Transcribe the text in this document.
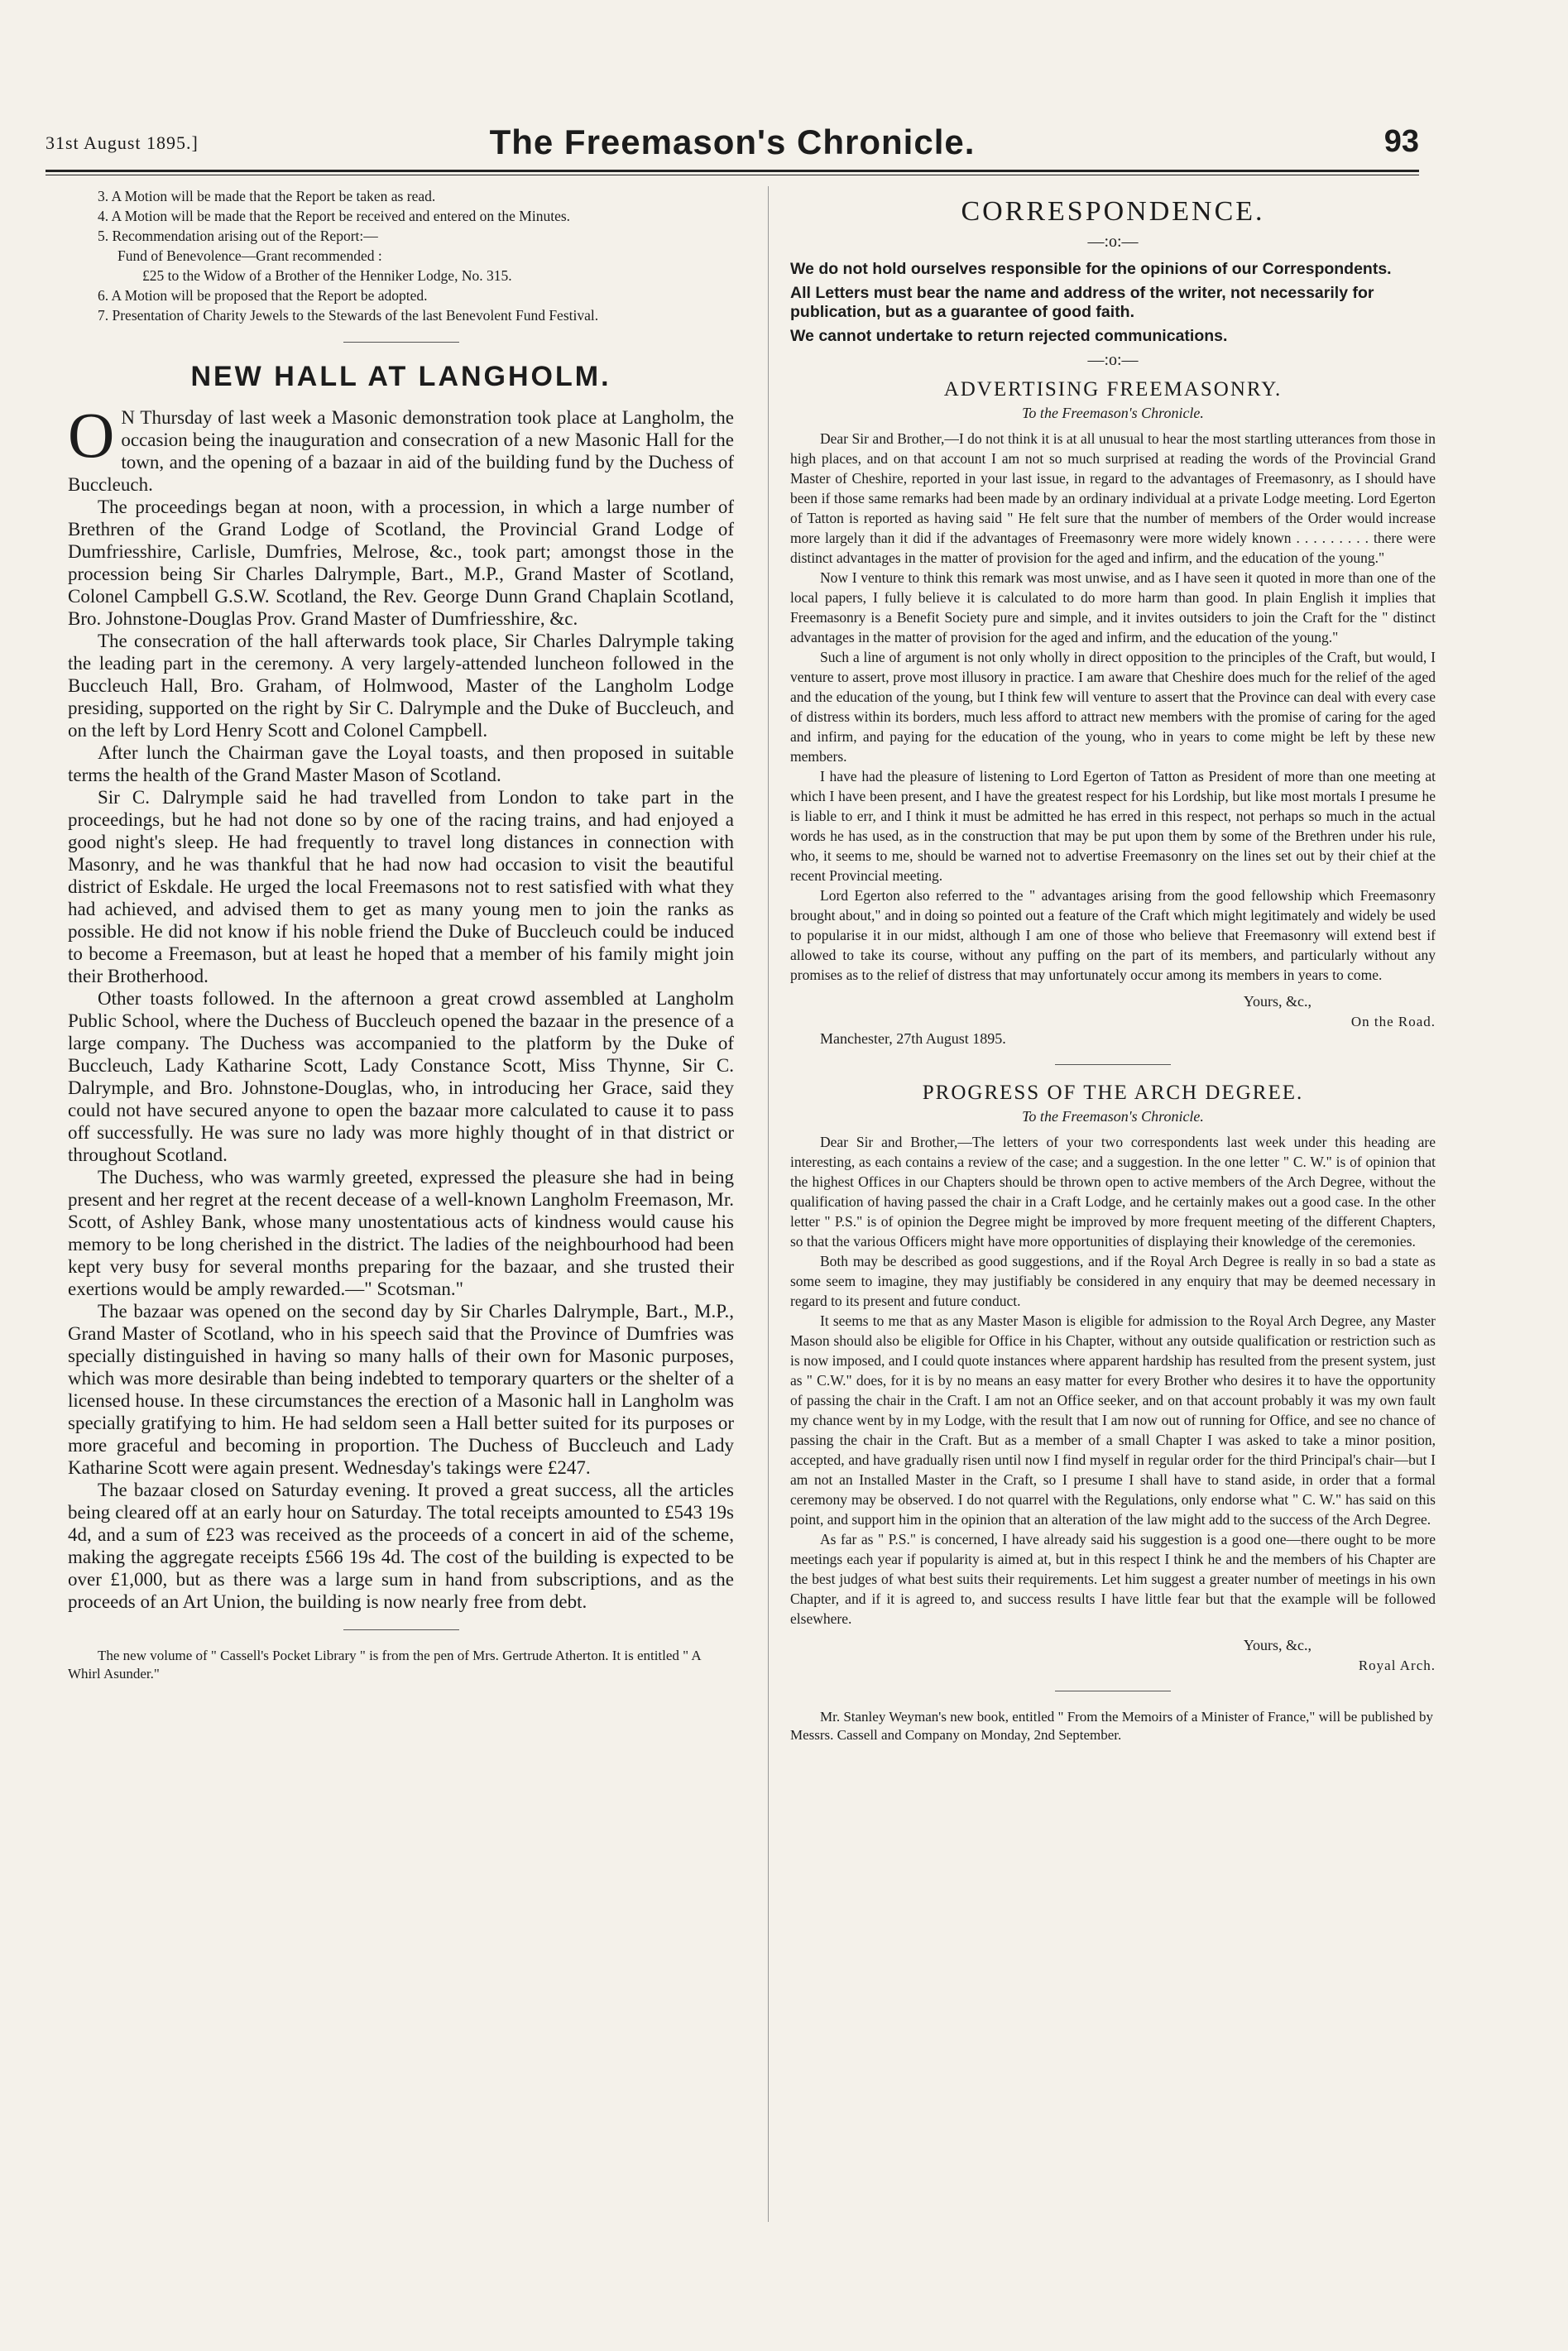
31st August 1895.]	The Freemason's Chronicle.	93

3. A Motion will be made that the Report be taken as read.

4. A Motion will be made that the Report be received and entered on the Minutes.

5. Recommendation arising out of the Report:—

Fund of Benevolence—Grant recommended :

£25 to the Widow of a Brother of the Henniker Lodge, No. 315.

6. A Motion will be proposed that the Report be adopted.

7. Presentation of Charity Jewels to the Stewards of the last Benevolent Fund Festival.

NEW HALL AT LANGHOLM.

O N Thursday of last week a Masonic demonstration took place at Langholm, the occasion being the inauguration and consecration of a new Masonic Hall for the town, and the opening of a bazaar in aid of the building fund by the Duchess of Buccleuch.

The proceedings began at noon, with a procession, in which a large number of Brethren of the Grand Lodge of Scotland, the Provincial Grand Lodge of Dumfriesshire, Carlisle, Dumfries, Melrose, &c., took part; amongst those in the procession being Sir Charles Dalrymple, Bart., M.P., Grand Master of Scotland, Colonel Campbell G.S.W. Scotland, the Rev. George Dunn Grand Chaplain Scotland, Bro. Johnstone-Douglas Prov. Grand Master of Dumfriesshire, &c.

The consecration of the hall afterwards took place, Sir Charles Dalrymple taking the leading part in the ceremony. A very largely-attended luncheon followed in the Buccleuch Hall, Bro. Graham, of Holmwood, Master of the Langholm Lodge presiding, supported on the right by Sir C. Dalrymple and the Duke of Buccleuch, and on the left by Lord Henry Scott and Colonel Campbell.

After lunch the Chairman gave the Loyal toasts, and then proposed in suitable terms the health of the Grand Master Mason of Scotland.

Sir C. Dalrymple said he had travelled from London to take part in the proceedings, but he had not done so by one of the racing trains, and had enjoyed a good night's sleep. He had frequently to travel long distances in connection with Masonry, and he was thankful that he had now had occasion to visit the beautiful district of Eskdale. He urged the local Freemasons not to rest satisfied with what they had achieved, and advised them to get as many young men to join the ranks as possible. He did not know if his noble friend the Duke of Buccleuch could be induced to become a Freemason, but at least he hoped that a member of his family might join their Brotherhood.

Other toasts followed. In the afternoon a great crowd assembled at Langholm Public School, where the Duchess of Buccleuch opened the bazaar in the presence of a large company. The Duchess was accompanied to the platform by the Duke of Buccleuch, Lady Katharine Scott, Lady Constance Scott, Miss Thynne, Sir C. Dalrymple, and Bro. Johnstone-Douglas, who, in introducing her Grace, said they could not have secured anyone to open the bazaar more calculated to cause it to pass off successfully. He was sure no lady was more highly thought of in that district or throughout Scotland.

The Duchess, who was warmly greeted, expressed the pleasure she had in being present and her regret at the recent decease of a well-known Langholm Freemason, Mr. Scott, of Ashley Bank, whose many unostentatious acts of kindness would cause his memory to be long cherished in the district. The ladies of the neighbourhood had been kept very busy for several months preparing for the bazaar, and she trusted their exertions would be amply rewarded.—" Scotsman."

The bazaar was opened on the second day by Sir Charles Dalrymple, Bart., M.P., Grand Master of Scotland, who in his speech said that the Province of Dumfries was specially distinguished in having so many halls of their own for Masonic purposes, which was more desirable than being indebted to temporary quarters or the shelter of a licensed house. In these circumstances the erection of a Masonic hall in Langholm was specially gratifying to him. He had seldom seen a Hall better suited for its purposes or more graceful and becoming in proportion. The Duchess of Buccleuch and Lady Katharine Scott were again present. Wednesday's takings were £247.

The bazaar closed on Saturday evening. It proved a great success, all the articles being cleared off at an early hour on Saturday. The total receipts amounted to £543 19s 4d, and a sum of £23 was received as the proceeds of a concert in aid of the scheme, making the aggregate receipts £566 19s 4d. The cost of the building is expected to be over £1,000, but as there was a large sum in hand from subscriptions, and as the proceeds of an Art Union, the building is now nearly free from debt.

The new volume of " Cassell's Pocket Library " is from the pen of Mrs. Gertrude Atherton. It is entitled " A Whirl Asunder."

CORRESPONDENCE.
—:o:—

We do not hold ourselves responsible for the opinions of our Correspondents.

All Letters must bear the name and address of the writer, not necessarily for publication, but as a guarantee of good faith.

We cannot undertake to return rejected communications.

—:o:—
ADVERTISING FREEMASONRY.
To the Freemason's Chronicle.

Dear Sir and Brother,—I do not think it is at all unusual to hear the most startling utterances from those in high places, and on that account I am not so much surprised at reading the words of the Provincial Grand Master of Cheshire, reported in your last issue, in regard to the advantages of Freemasonry, as I should have been if those same remarks had been made by an ordinary individual at a private Lodge meeting. Lord Egerton of Tatton is reported as having said " He felt sure that the number of members of the Order would increase more largely than it did if the advantages of Freemasonry were more widely known . . . . . . . . . there were distinct advantages in the matter of provision for the aged and infirm, and the education of the young."

Now I venture to think this remark was most unwise, and as I have seen it quoted in more than one of the local papers, I fully believe it is calculated to do more harm than good. In plain English it implies that Freemasonry is a Benefit Society pure and simple, and it invites outsiders to join the Craft for the " distinct advantages in the matter of provision for the aged and infirm, and the education of the young."

Such a line of argument is not only wholly in direct opposition to the principles of the Craft, but would, I venture to assert, prove most illusory in practice. I am aware that Cheshire does much for the relief of the aged and the education of the young, but I think few will venture to assert that the Province can deal with every case of distress within its borders, much less afford to attract new members with the promise of caring for the aged and infirm, and paying for the education of the young, who in years to come might be left by these new members.

I have had the pleasure of listening to Lord Egerton of Tatton as President of more than one meeting at which I have been present, and I have the greatest respect for his Lordship, but like most mortals I presume he is liable to err, and I think it must be admitted he has erred in this respect, not perhaps so much in the actual words he has used, as in the construction that may be put upon them by some of the Brethren under his rule, who, it seems to me, should be warned not to advertise Freemasonry on the lines set out by their chief at the recent Provincial meeting.

Lord Egerton also referred to the " advantages arising from the good fellowship which Freemasonry brought about," and in doing so pointed out a feature of the Craft which might legitimately and widely be used to popularise it in our midst, although I am one of those who believe that Freemasonry will extend best if allowed to take its course, without any puffing on the part of its members, and particularly without any promises as to the relief of distress that may unfortunately occur among its members in years to come.

Yours, &c.,
On the Road.

Manchester, 27th August 1895.

PROGRESS OF THE ARCH DEGREE.
To the Freemason's Chronicle.

Dear Sir and Brother,—The letters of your two correspondents last week under this heading are interesting, as each contains a review of the case; and a suggestion. In the one letter " C. W." is of opinion that the highest Offices in our Chapters should be thrown open to active members of the Arch Degree, without the qualification of having passed the chair in a Craft Lodge, and he certainly makes out a good case. In the other letter " P.S." is of opinion the Degree might be improved by more frequent meeting of the different Chapters, so that the various Officers might have more opportunities of displaying their knowledge of the ceremonies.

Both may be described as good suggestions, and if the Royal Arch Degree is really in so bad a state as some seem to imagine, they may justifiably be considered in any enquiry that may be deemed necessary in regard to its present and future conduct.

It seems to me that as any Master Mason is eligible for admission to the Royal Arch Degree, any Master Mason should also be eligible for Office in his Chapter, without any outside qualification or restriction such as is now imposed, and I could quote instances where apparent hardship has resulted from the present system, just as " C.W." does, for it is by no means an easy matter for every Brother who desires it to have the opportunity of passing the chair in the Craft. I am not an Office seeker, and on that account probably it was my own fault my chance went by in my Lodge, with the result that I am now out of running for Office, and see no chance of passing the chair in the Craft. But as a member of a small Chapter I was asked to take a minor position, accepted, and have gradually risen until now I find myself in regular order for the third Principal's chair—but I am not an Installed Master in the Craft, so I presume I shall have to stand aside, in order that a formal ceremony may be observed. I do not quarrel with the Regulations, only endorse what " C. W." has said on this point, and support him in the opinion that an alteration of the law might add to the success of the Arch Degree.

As far as " P.S." is concerned, I have already said his suggestion is a good one—there ought to be more meetings each year if popularity is aimed at, but in this respect I think he and the members of his Chapter are the best judges of what best suits their requirements. Let him suggest a greater number of meetings in his own Chapter, and if it is agreed to, and success results I have little fear but that the example will be followed elsewhere.

Yours, &c.,
Royal Arch.

Mr. Stanley Weyman's new book, entitled " From the Memoirs of a Minister of France," will be published by Messrs. Cassell and Company on Monday, 2nd September.
